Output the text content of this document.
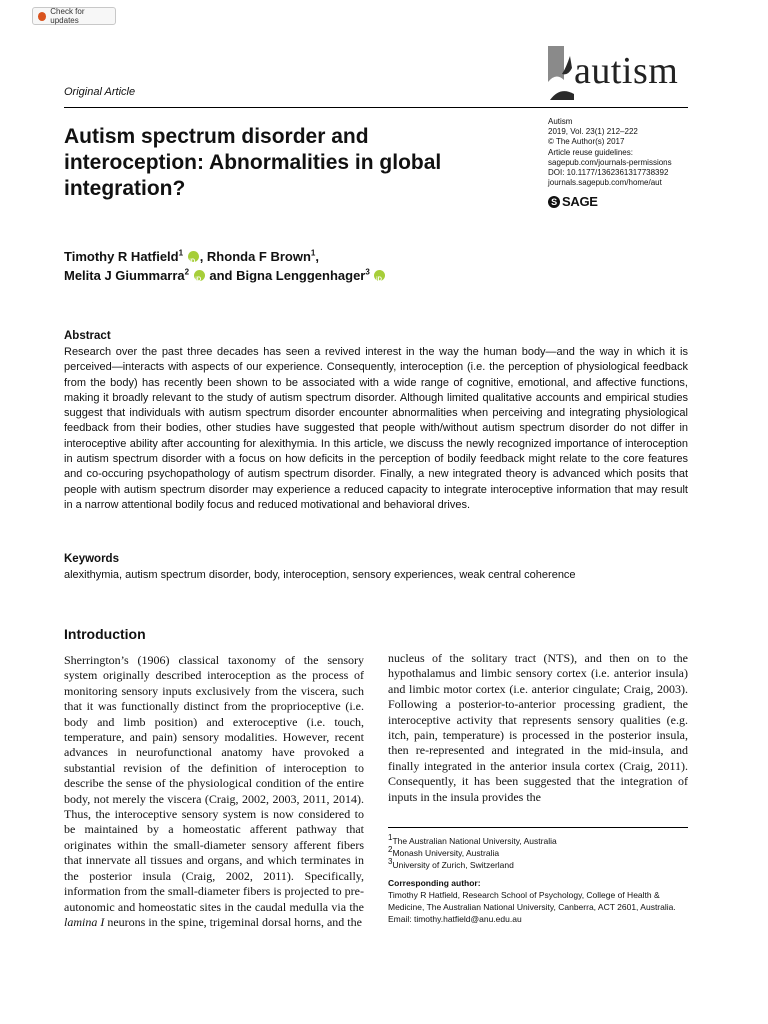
Check for updates
Original Article	autism
Autism
2019, Vol. 23(1) 212–222
© The Author(s) 2017
Article reuse guidelines:
sagepub.com/journals-permissions
DOI: 10.1177/1362361317738392
journals.sagepub.com/home/aut
S SAGE
Autism spectrum disorder and interoception: Abnormalities in global integration?
Timothy R Hatfield$^1$ iD , Rhonda F Brown$^1$,
Melita J Giummarra$^2$ iD and Bigna Lenggenhager$^3$ iD
Abstract
Research over the past three decades has seen a revived interest in the way the human body—and the way in which it is perceived—interacts with aspects of our experience. Consequently, interoception (i.e. the perception of physiological feedback from the body) has recently been shown to be associated with a wide range of cognitive, emotional, and affective functions, making it broadly relevant to the study of autism spectrum disorder. Although limited qualitative accounts and empirical studies suggest that individuals with autism spectrum disorder encounter abnormalities when perceiving and integrating physiological feedback from their bodies, other studies have suggested that people with/without autism spectrum disorder do not differ in interoceptive ability after accounting for alexithymia. In this article, we discuss the newly recognized importance of interoception in autism spectrum disorder with a focus on how deficits in the perception of bodily feedback might relate to the core features and co-occuring psychopathology of autism spectrum disorder. Finally, a new integrated theory is advanced which posits that people with autism spectrum disorder may experience a reduced capacity to integrate interoceptive information that may result in a narrow attentional bodily focus and reduced motivational and behavioral drives.
Keywords
alexithymia, autism spectrum disorder, body, interoception, sensory experiences, weak central coherence
Introduction
Sherrington’s (1906) classical taxonomy of the sensory system originally described interoception as the process of monitoring sensory inputs exclusively from the viscera, such that it was functionally distinct from the proprioceptive (i.e. body and limb position) and exteroceptive (i.e. touch, temperature, and pain) sensory modalities. However, recent advances in neurofunctional anatomy have provoked a substantial revision of the definition of interoception to describe the sense of the physiological condition of the entire body, not merely the viscera (Craig, 2002, 2003, 2011, 2014). Thus, the interoceptive sensory system is now considered to be maintained by a homeostatic afferent pathway that originates within the small-diameter sensory afferent fibers that innervate all tissues and organs, and which terminates in the posterior insula (Craig, 2002, 2011). Specifically, information from the small-diameter fibers is projected to pre-autonomic and homeostatic sites in the caudal medulla via the lamina I neurons in the spine, trigeminal dorsal horns, and the
nucleus of the solitary tract (NTS), and then on to the hypothalamus and limbic sensory cortex (i.e. anterior insula) and limbic motor cortex (i.e. anterior cingulate; Craig, 2003). Following a posterior-to-anterior processing gradient, the interoceptive activity that represents sensory qualities (e.g. itch, pain, temperature) is processed in the posterior insula, then re-represented and integrated in the mid-insula, and finally integrated in the anterior insula cortex (Craig, 2011). Consequently, it has been suggested that the integration of inputs in the insula provides the
$^1$The Australian National University, Australia
$^2$Monash University, Australia
$^3$University of Zurich, Switzerland
Corresponding author:
Timothy R Hatfield, Research School of Psychology, College of Health & Medicine, The Australian National University, Canberra, ACT 2601, Australia.
Email: timothy.hatfield@anu.edu.au
